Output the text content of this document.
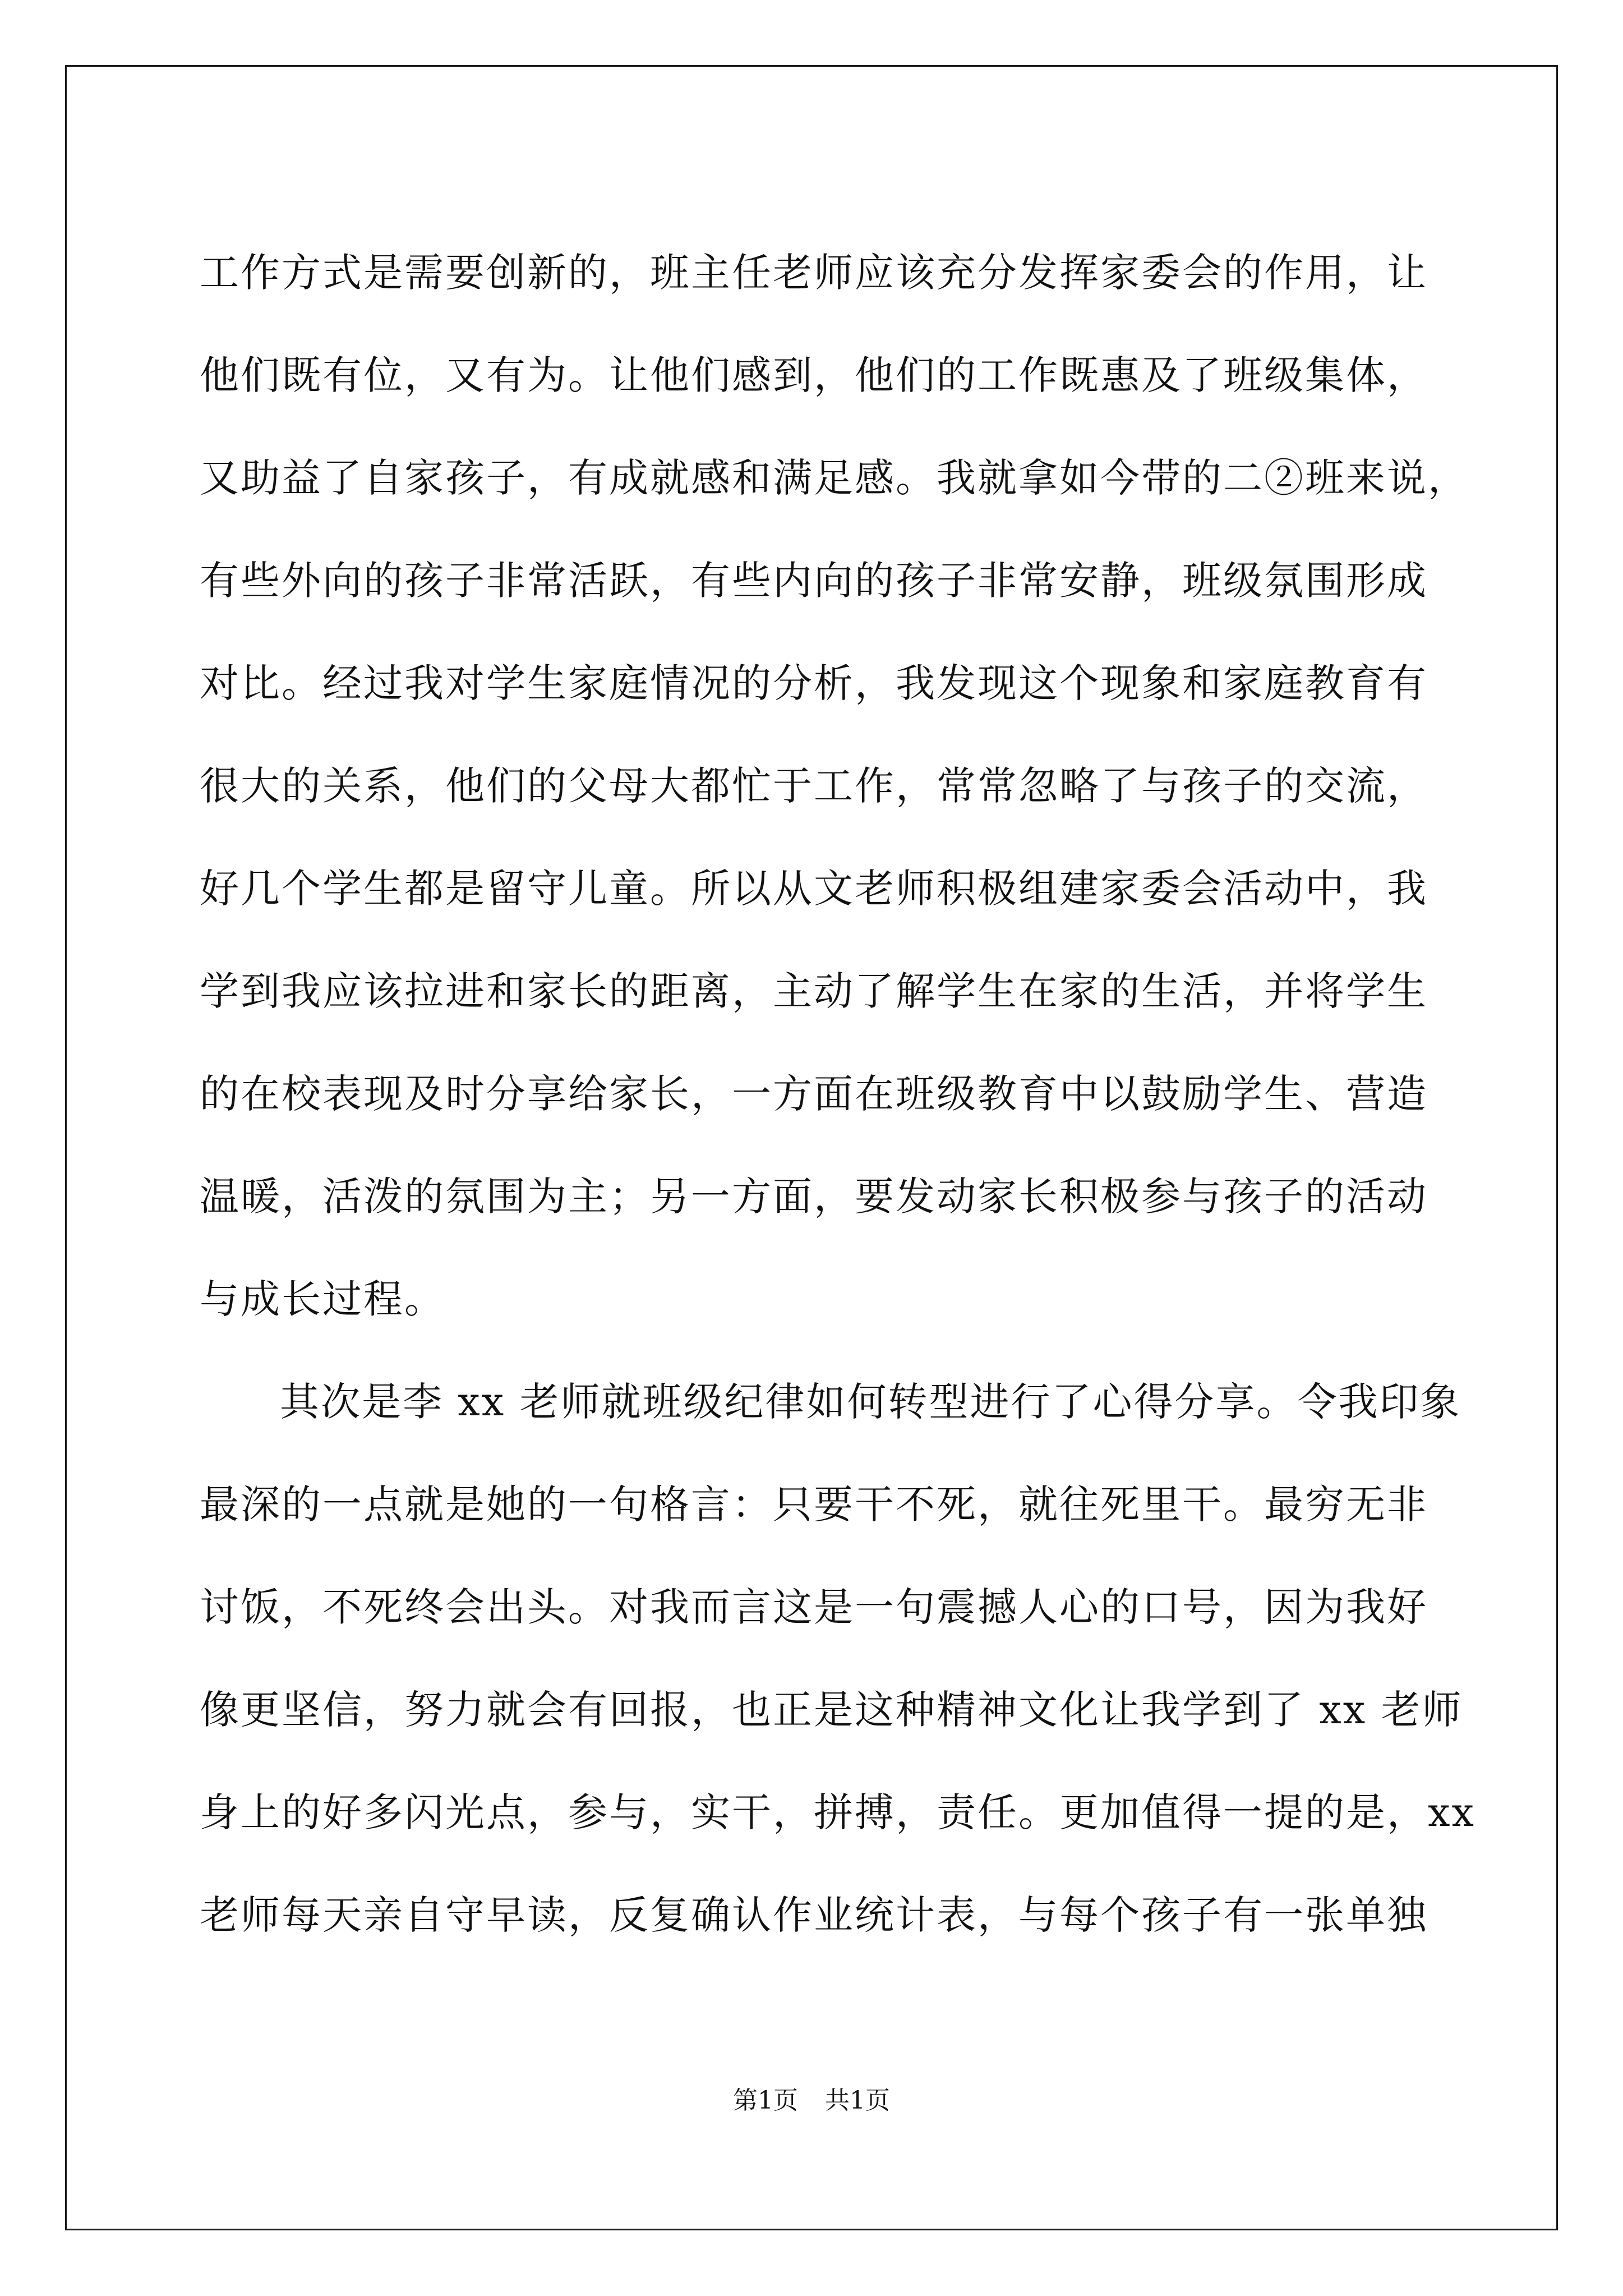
工作方式是需要创新的，班主任老师应该充分发挥家委会的作用，让
他们既有位，又有为。让他们感到，他们的工作既惠及了班级集体，
又助益了自家孩子，有成就感和满足感。我就拿如今带的二②班来说，
有些外向的孩子非常活跃，有些内向的孩子非常安静，班级氛围形成
对比。经过我对学生家庭情况的分析，我发现这个现象和家庭教育有
很大的关系，他们的父母大都忙于工作，常常忽略了与孩子的交流，
好几个学生都是留守儿童。所以从文老师积极组建家委会活动中，我
学到我应该拉进和家长的距离，主动了解学生在家的生活，并将学生
的在校表现及时分享给家长，一方面在班级教育中以鼓励学生、营造
温暖，活泼的氛围为主；另一方面，要发动家长积极参与孩子的活动
与成长过程。
其次是李 xx 老师就班级纪律如何转型进行了心得分享。令我印象
最深的一点就是她的一句格言：只要干不死，就往死里干。最穷无非
讨饭，不死终会出头。对我而言这是一句震撼人心的口号，因为我好
像更坚信，努力就会有回报，也正是这种精神文化让我学到了 xx 老师
身上的好多闪光点，参与，实干，拼搏，责任。更加值得一提的是，xx
老师每天亲自守早读，反复确认作业统计表，与每个孩子有一张单独
第1页 共1页
